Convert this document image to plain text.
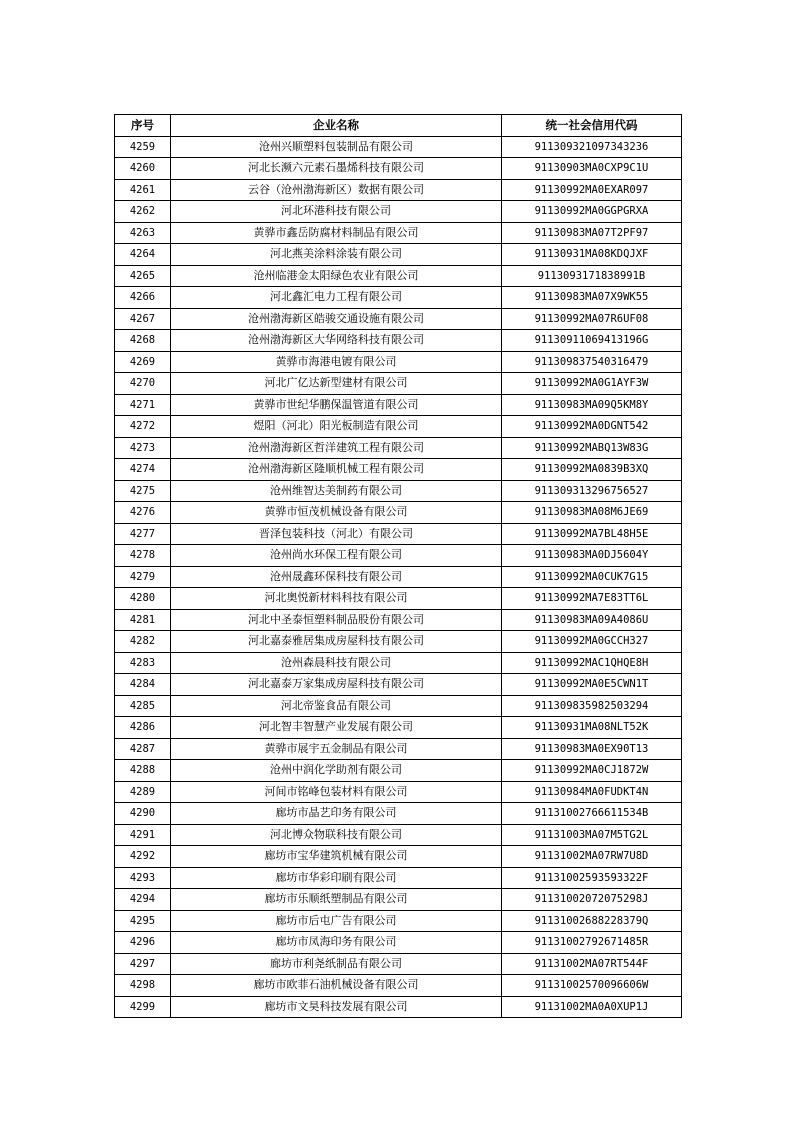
序号	企业名称	统一社会信用代码
4259	沧州兴顺塑料包装制品有限公司	911309321097343236
4260	河北长濒六元素石墨烯科技有限公司	91130903MA0CXP9C1U
4261	云谷（沧州渤海新区）数据有限公司	91130992MA0EXAR097
4262	河北环港科技有限公司	91130992MA0GGPGRXA
4263	黄骅市鑫岳防腐材料制品有限公司	91130983MA07T2PF97
4264	河北燕美涂料涂装有限公司	91130931MA08KDQJXF
4265	沧州临港金太阳绿色农业有限公司	9113093171838991B
4266	河北鑫汇电力工程有限公司	91130983MA07X9WK55
4267	沧州渤海新区皓骏交通设施有限公司	91130992MA07R6UF08
4268	沧州渤海新区大华网络科技有限公司	91130911069413196G
4269	黄骅市海港电镀有限公司	91130983754031647​9
4270	河北广亿达新型建材有限公司	91130992MA0G1AYF3W
4271	黄骅市世纪华鹏保温管道有限公司	91130983MA09Q5KM8Y
4272	煜阳（河北）阳光板制造有限公司	91130992MA0DGNT542
4273	沧州渤海新区哲洋建筑工程有限公司	91130992MABQ13W83G
4274	沧州渤海新区隆顺机械工程有限公司	91130992MA0839B3XQ
4275	沧州维智达美制药有限公司	91130931329675652​7
4276	黄骅市恒茂机械设备有限公司	91130983MA08M6JE69
4277	晋泽包装科技（河北）有限公司	91130992MA7BL48H5E
4278	沧州尚水环保工程有限公司	91130983MA0DJ5604Y
4279	沧州晟鑫环保科技有限公司	91130992MA0CUK7G15
4280	河北奥悦新材料科技有限公司	91130992MA7E83TT6L
4281	河北中圣泰恒塑料制品股份有限公司	91130983MA09A4086U
4282	河北嘉泰雅居集成房屋科技有限公司	91130992MA0GCCH327
4283	沧州森晨科技有限公司	91130992MAC1QHQE8H
4284	河北嘉泰万家集成房屋科技有限公司	91130992MA0E5CWN1T
4285	河北帝鉴食品有限公司	91130983598250329​4
4286	河北智丰智慧产业发展有限公司	91130931MA08NLT52K
4287	黄骅市展宇五金制品有限公司	91130983MA0EX90T13
4288	沧州中润化学助剂有限公司	91130992MA0CJ1872W
4289	河间市铭峰包装材料有限公司	91130984MA0FUDKT4N
4290	廊坊市晶艺印务有限公司	91131002766611534B
4291	河北博众物联科技有限公司	91131003MA07M5TG2L
4292	廊坊市宝华建筑机械有限公司	91131002MA07RW7U8D
4293	廊坊市华彩印刷有限公司	91131002593593322F
4294	廊坊市乐顺纸塑制品有限公司	91131002072075298J
4295	廊坊市后屯广告有限公司	91131002688228379Q
4296	廊坊市凤海印务有限公司	91131002792671485R
4297	廊坊市利尧纸制品有限公司	91131002MA07RT544F
4298	廊坊市欧菲石油机械设备有限公司	91131002570096606W
4299	廊坊市文昊科技发展有限公司	91131002MA0A0XUP1J
